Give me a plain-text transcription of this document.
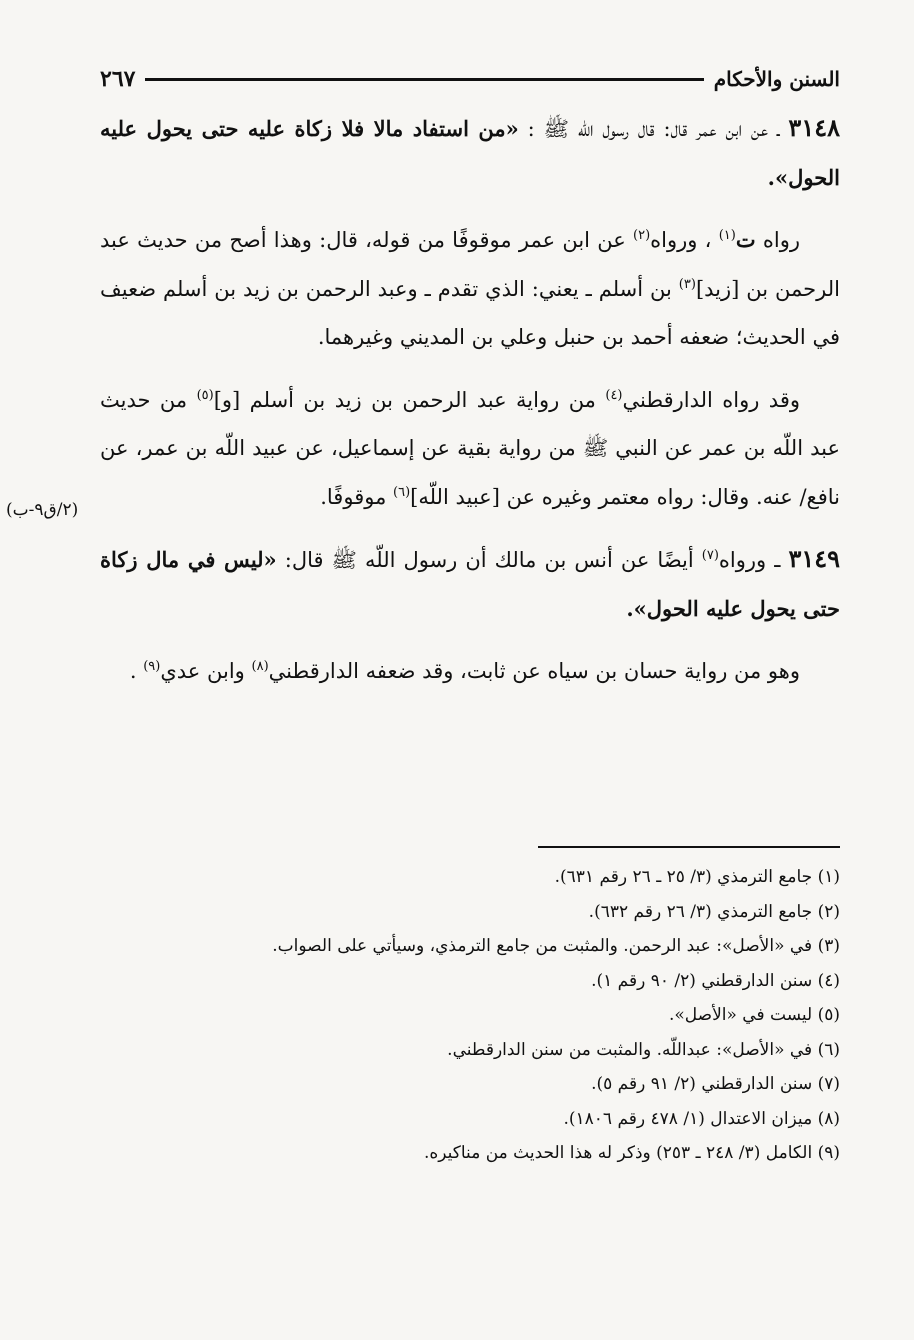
السنن والأحكام
٢٦٧

٣١٤٨ ـ عن ابن عمر قال: قال رسول اللّه ﷺ : «من استفاد مالا فلا زكاة عليه حتى يحول عليه الحول».

رواه ت$^{(١)}$ ، ورواه$^{(٢)}$ عن ابن عمر موقوفًا من قوله، قال: وهذا أصح من حديث عبد الرحمن بن [زيد]$^{(٣)}$ بن أسلم ـ يعني: الذي تقدم ـ وعبد الرحمن بن زيد بن أسلم ضعيف في الحديث؛ ضعفه أحمد بن حنبل وعلي بن المديني وغيرهما.

وقد رواه الدارقطني$^{(٤)}$ من رواية عبد الرحمن بن زيد بن أسلم [و]$^{(٥)}$ من حديث عبد اللّه بن عمر عن النبي ﷺ من رواية بقية عن إسماعيل، عن عبيد اللّه بن عمر، عن نافع/ عنه. وقال: رواه معتمر وغيره عن [عبيد اللّه]$^{(٦)}$ موقوفًا.

٣١٤٩ ـ ورواه$^{(٧)}$ أيضًا عن أنس بن مالك أن رسول اللّه ﷺ قال: «ليس في مال زكاة حتى يحول عليه الحول».

وهو من رواية حسان بن سياه عن ثابت، وقد ضعفه الدارقطني$^{(٨)}$ وابن عدي$^{(٩)}$ .

(٢/ق٩-ب)
(١) جامع الترمذي (٣/ ٢٥ ـ ٢٦ رقم ٦٣١).
(٢) جامع الترمذي (٣/ ٢٦ رقم ٦٣٢).
(٣) في «الأصل»: عبد الرحمن. والمثبت من جامع الترمذي، وسيأتي على الصواب.
(٤) سنن الدارقطني (٢/ ٩٠ رقم ١).
(٥) ليست في «الأصل».
(٦) في «الأصل»: عبداللّه. والمثبت من سنن الدارقطني.
(٧) سنن الدارقطني (٢/ ٩١ رقم ٥).
(٨) ميزان الاعتدال (١/ ٤٧٨ رقم ١٨٠٦).
(٩) الكامل (٣/ ٢٤٨ ـ ٢٥٣) وذكر له هذا الحديث من مناكيره.
